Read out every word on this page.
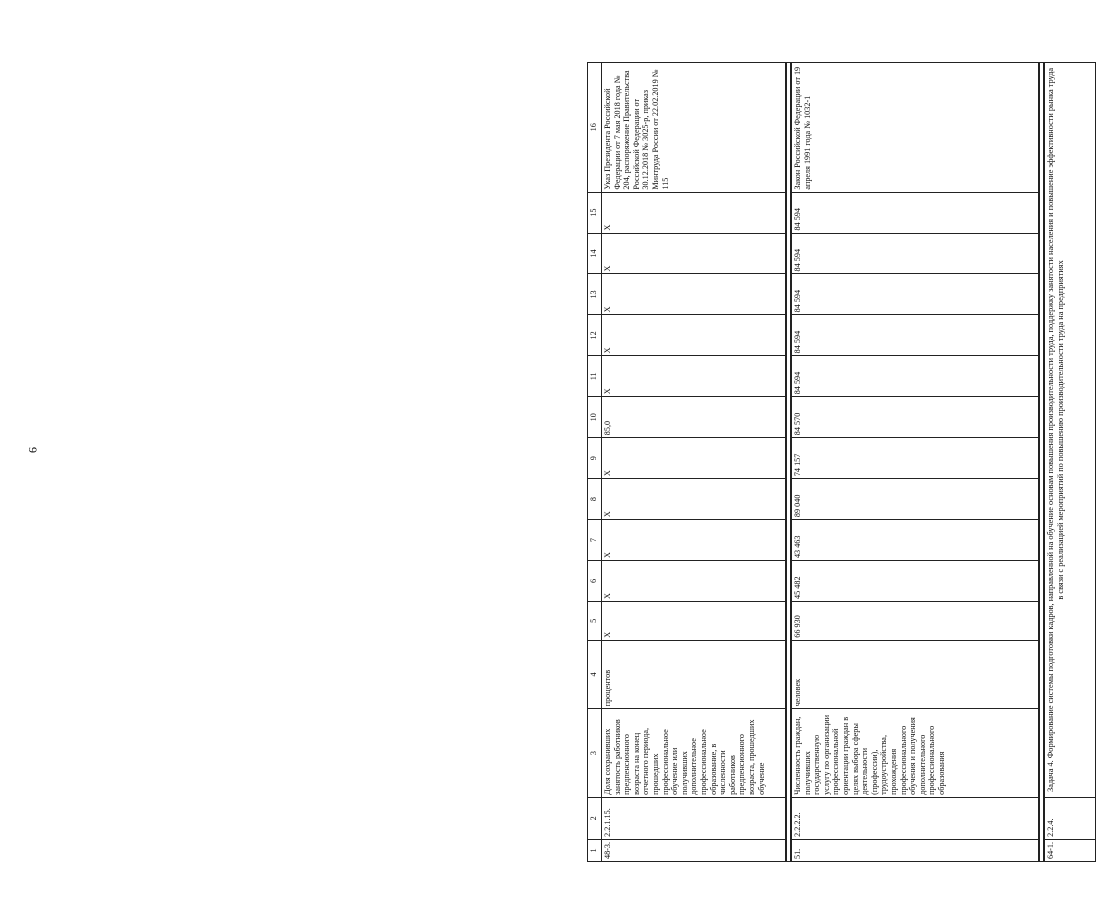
9
1	2	3	4	5	6	7	8	9	10	11	12	13	14	15	16
48-3.	2.2.1.15.	Доля сохранивших занятость работников предпенсионного возраста на конец отчетного периода, прошедших профессиональное обучение или получивших дополнительное профессиональное образование, в численности работников предпенсионного возраста, прошедших обучение	процентов	X	X	X	X	X	85,0	X	X	X	X	X	Указ Президента Российской Федерации от 7 мая 2018 года № 204, распоряжение Правительства Российской Федерации от 30.12.2018 № 3025-р, приказ Минтруда России от 22.02.2019 № 115

51.	2.2.2.2.	Численность граждан, получивших государственную услугу по организации профессиональной ориентации граждан в целях выбора сферы деятельности (профессии), трудоустройства, прохождения профессионального обучения и получения дополнительного профессионального образования	человек	66 930	45 482	43 463	89 040	74 157	84 570	84 594	84 594	84 594	84 594	84 594	Закон Российской Федерации от 19 апреля 1991 года № 1032-1

64-1.	2.2.4.	Задача 4. Формирование системы подготовки кадров, направленной на обучение основам повышения производительности труда, поддержку занятости населения и повышение эффективности рынка труда в связи с реализацией мероприятий по повышению производительности труда на предприятиях													
